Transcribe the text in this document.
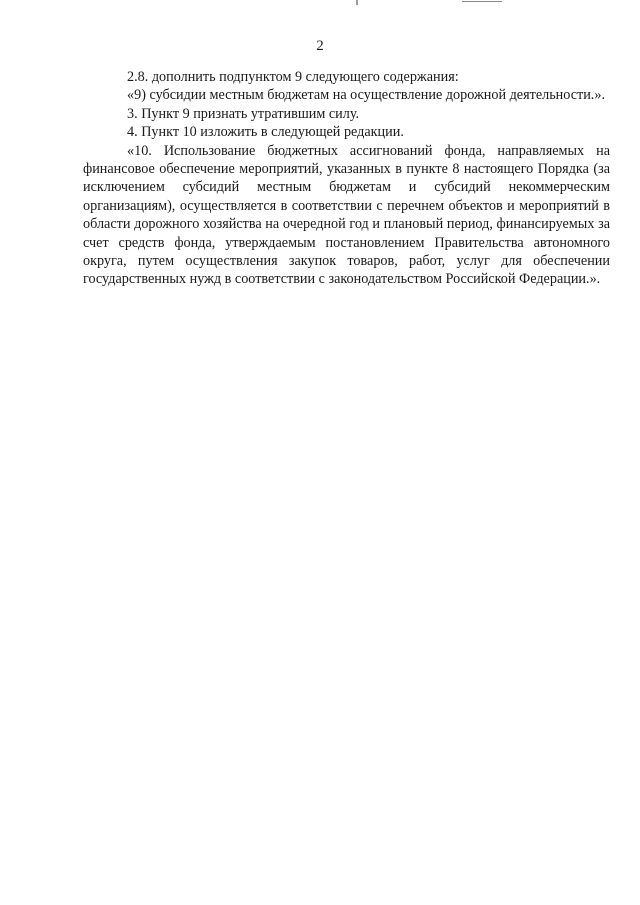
2

2.8. дополнить подпунктом 9 следующего содержания:

«9) субсидии местным бюджетам на осуществление дорожной деятельности.».

3. Пункт 9 признать утратившим силу.

4. Пункт 10 изложить в следующей редакции.

«10. Использование бюджетных ассигнований фонда, направляемых на финансовое обеспечение мероприятий, указанных в пункте 8 настоящего Порядка (за исключением субсидий местным бюджетам и субсидий некоммерческим организациям), осуществляется в соответствии с перечнем объектов и мероприятий в области дорожного хозяйства на очередной год и плановый период, финансируемых за счет средств фонда, утверждаемым постановлением Правительства автономного округа, путем осуществления закупок товаров, работ, услуг для обеспечении государственных нужд в соответствии с законодательством Российской Федерации.».
